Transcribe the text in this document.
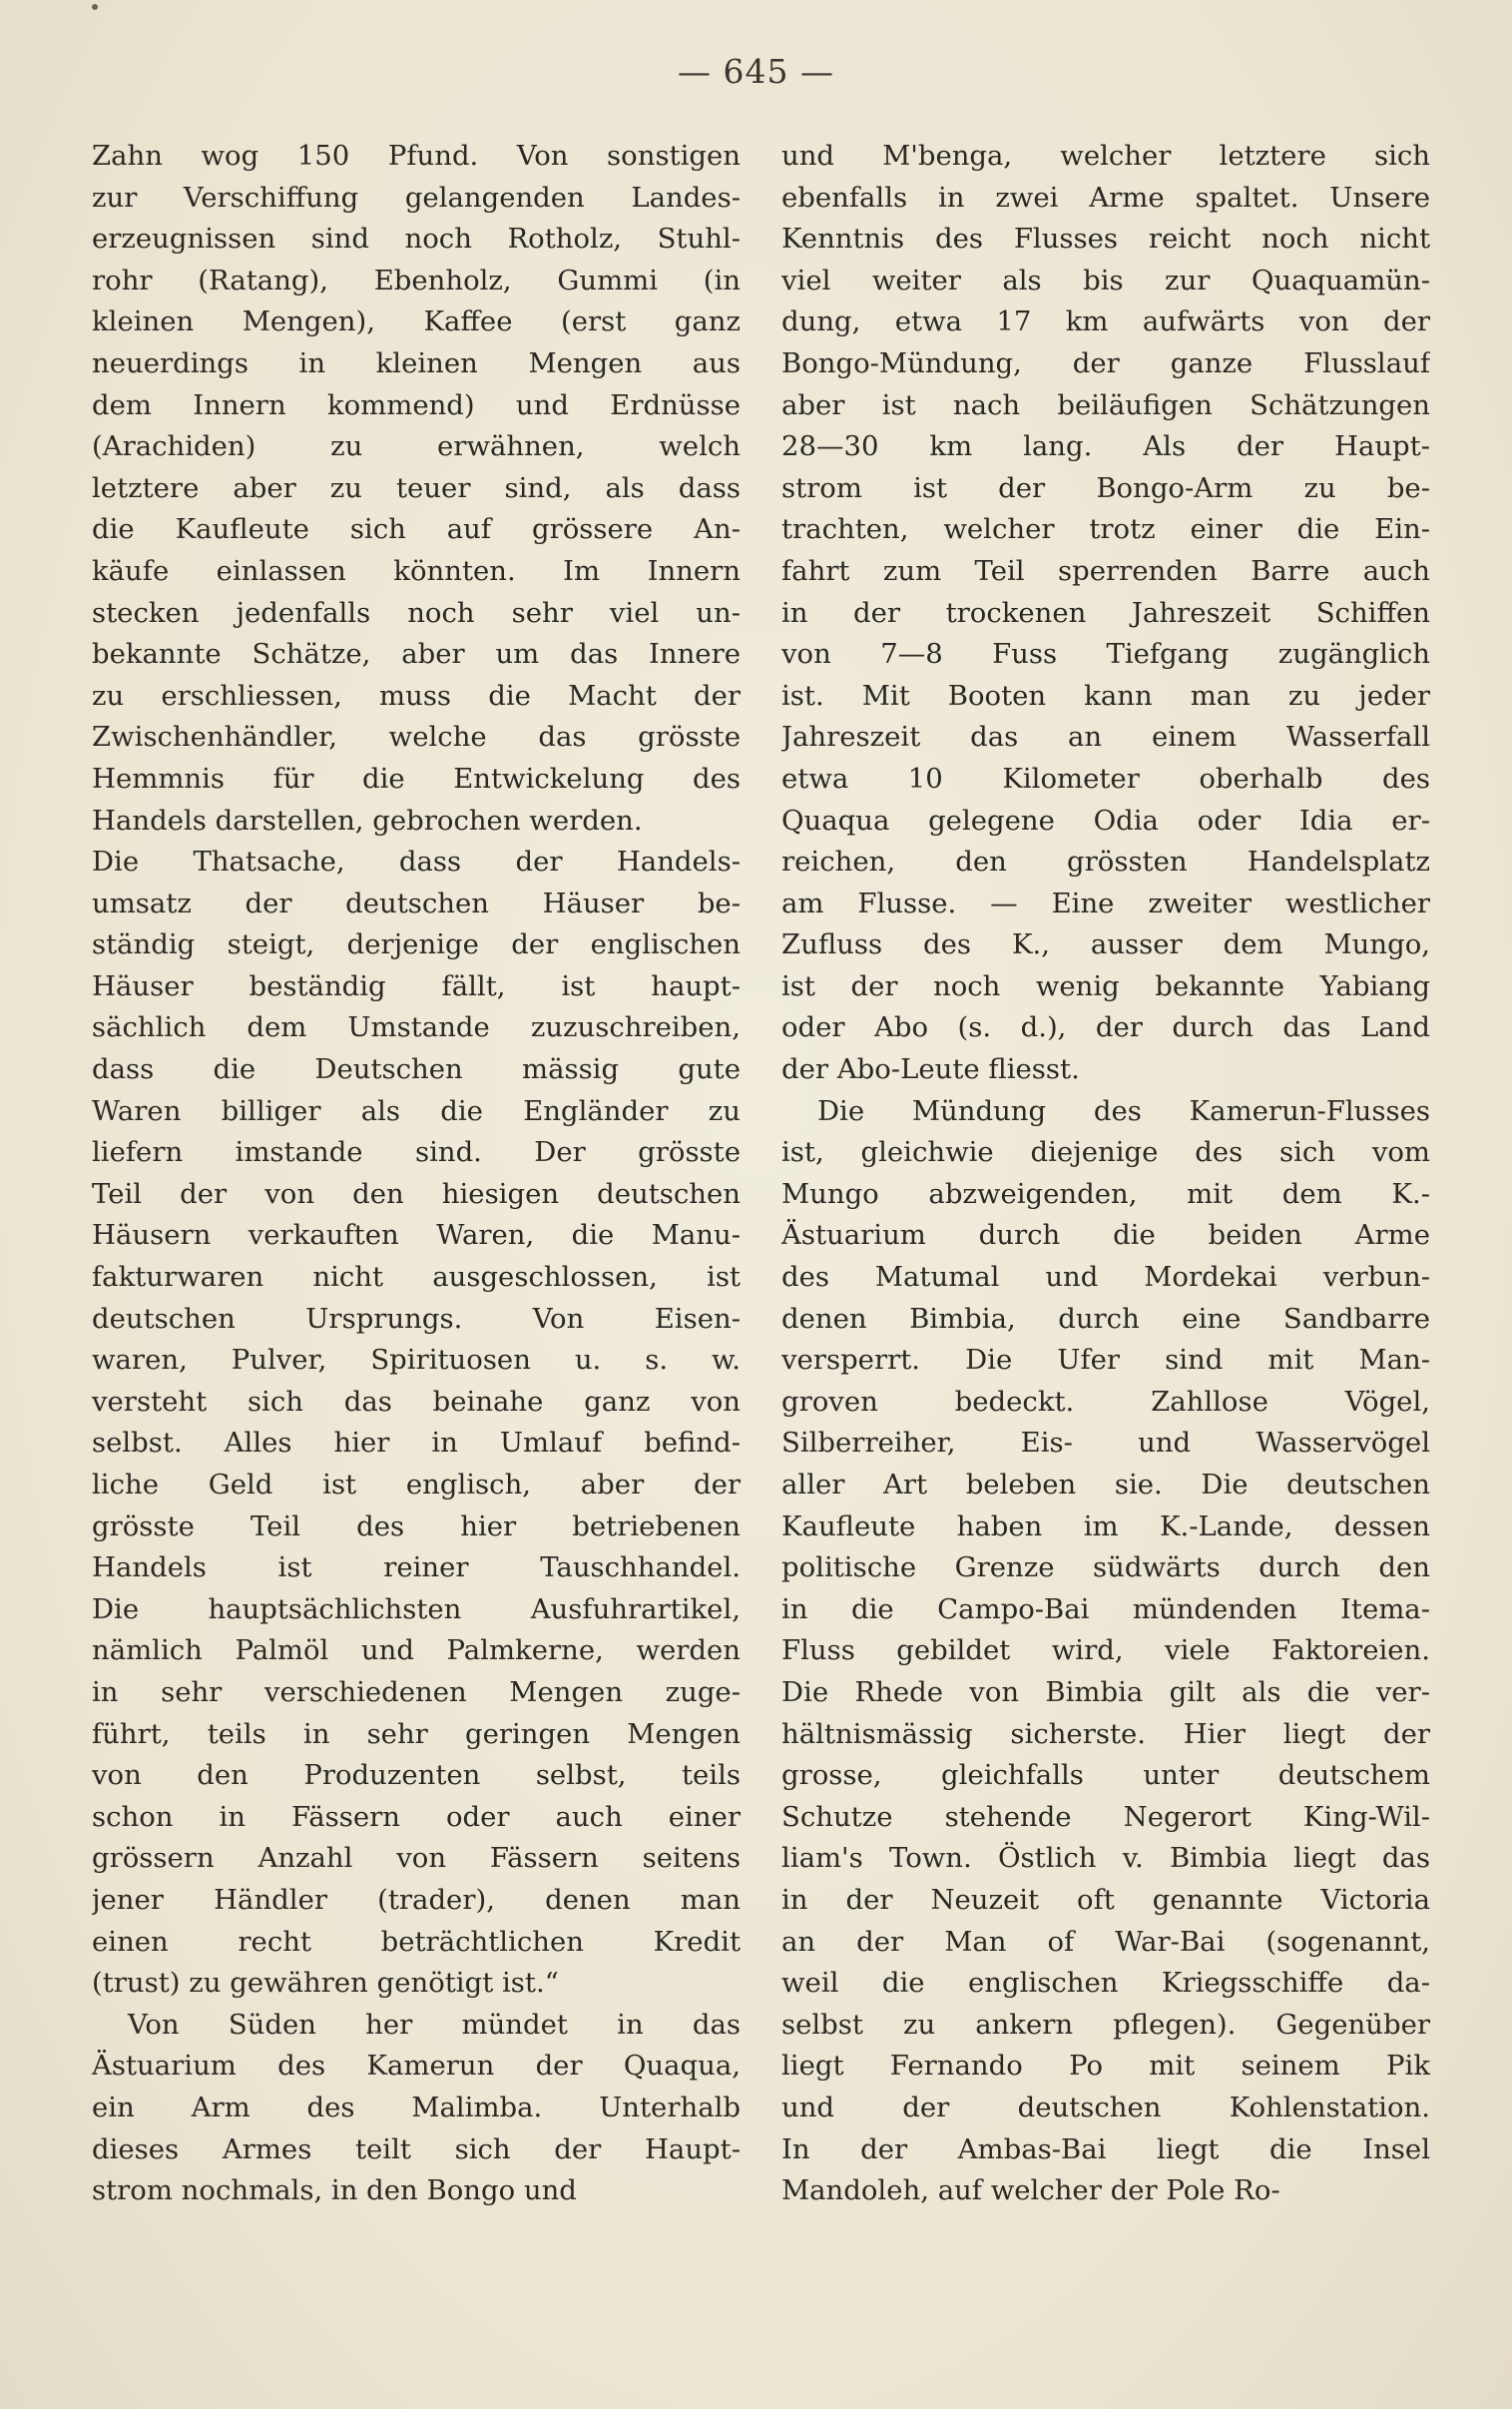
— 645 —
Zahn wog 150 Pfund. Von sonstigen
zur Verschiffung gelangenden Landes-
erzeugnissen sind noch Rotholz, Stuhl-
rohr (Ratang), Ebenholz, Gummi (in
kleinen Mengen), Kaffee (erst ganz
neuerdings in kleinen Mengen aus
dem Innern kommend) und Erdnüsse
(Arachiden) zu erwähnen, welch
letztere aber zu teuer sind, als dass
die Kaufleute sich auf grössere An-
käufe einlassen könnten. Im Innern
stecken jedenfalls noch sehr viel un-
bekannte Schätze, aber um das Innere
zu erschliessen, muss die Macht der
Zwischenhändler, welche das grösste
Hemmnis für die Entwickelung des
Handels darstellen, gebrochen werden.
Die Thatsache, dass der Handels-
umsatz der deutschen Häuser be-
ständig steigt, derjenige der englischen
Häuser beständig fällt, ist haupt-
sächlich dem Umstande zuzuschreiben,
dass die Deutschen mässig gute
Waren billiger als die Engländer zu
liefern imstande sind. Der grösste
Teil der von den hiesigen deutschen
Häusern verkauften Waren, die Manu-
fakturwaren nicht ausgeschlossen, ist
deutschen Ursprungs. Von Eisen-
waren, Pulver, Spirituosen u. s. w.
versteht sich das beinahe ganz von
selbst. Alles hier in Umlauf befind-
liche Geld ist englisch, aber der
grösste Teil des hier betriebenen
Handels ist reiner Tauschhandel.
Die hauptsächlichsten Ausfuhrartikel,
nämlich Palmöl und Palmkerne, werden
in sehr verschiedenen Mengen zuge-
führt, teils in sehr geringen Mengen
von den Produzenten selbst, teils
schon in Fässern oder auch einer
grössern Anzahl von Fässern seitens
jener Händler (trader), denen man
einen recht beträchtlichen Kredit
(trust) zu gewähren genötigt ist.“
Von Süden her mündet in das
Ästuarium des Kamerun der Quaqua,
ein Arm des Malimba. Unterhalb
dieses Armes teilt sich der Haupt-
strom nochmals, in den Bongo und
und M'benga, welcher letztere sich
ebenfalls in zwei Arme spaltet. Unsere
Kenntnis des Flusses reicht noch nicht
viel weiter als bis zur Quaquamün-
dung, etwa 17 km aufwärts von der
Bongo-Mündung, der ganze Flusslauf
aber ist nach beiläufigen Schätzungen
28—30 km lang. Als der Haupt-
strom ist der Bongo-Arm zu be-
trachten, welcher trotz einer die Ein-
fahrt zum Teil sperrenden Barre auch
in der trockenen Jahreszeit Schiffen
von 7—8 Fuss Tiefgang zugänglich
ist. Mit Booten kann man zu jeder
Jahreszeit das an einem Wasserfall
etwa 10 Kilometer oberhalb des
Quaqua gelegene Odia oder Idia er-
reichen, den grössten Handelsplatz
am Flusse. — Eine zweiter westlicher
Zufluss des K., ausser dem Mungo,
ist der noch wenig bekannte Yabiang
oder Abo (s. d.), der durch das Land
der Abo-Leute fliesst.
Die Mündung des Kamerun-Flusses
ist, gleichwie diejenige des sich vom
Mungo abzweigenden, mit dem K.-
Ästuarium durch die beiden Arme
des Matumal und Mordekai verbun-
denen Bimbia, durch eine Sandbarre
versperrt. Die Ufer sind mit Man-
groven bedeckt. Zahllose Vögel,
Silberreiher, Eis- und Wasservögel
aller Art beleben sie. Die deutschen
Kaufleute haben im K.-Lande, dessen
politische Grenze südwärts durch den
in die Campo-Bai mündenden Itema-
Fluss gebildet wird, viele Faktoreien.
Die Rhede von Bimbia gilt als die ver-
hältnismässig sicherste. Hier liegt der
grosse, gleichfalls unter deutschem
Schutze stehende Negerort King-Wil-
liam's Town. Östlich v. Bimbia liegt das
in der Neuzeit oft genannte Victoria
an der Man of War-Bai (sogenannt,
weil die englischen Kriegsschiffe da-
selbst zu ankern pflegen). Gegenüber
liegt Fernando Po mit seinem Pik
und der deutschen Kohlenstation.
In der Ambas-Bai liegt die Insel
Mandoleh, auf welcher der Pole Ro-
